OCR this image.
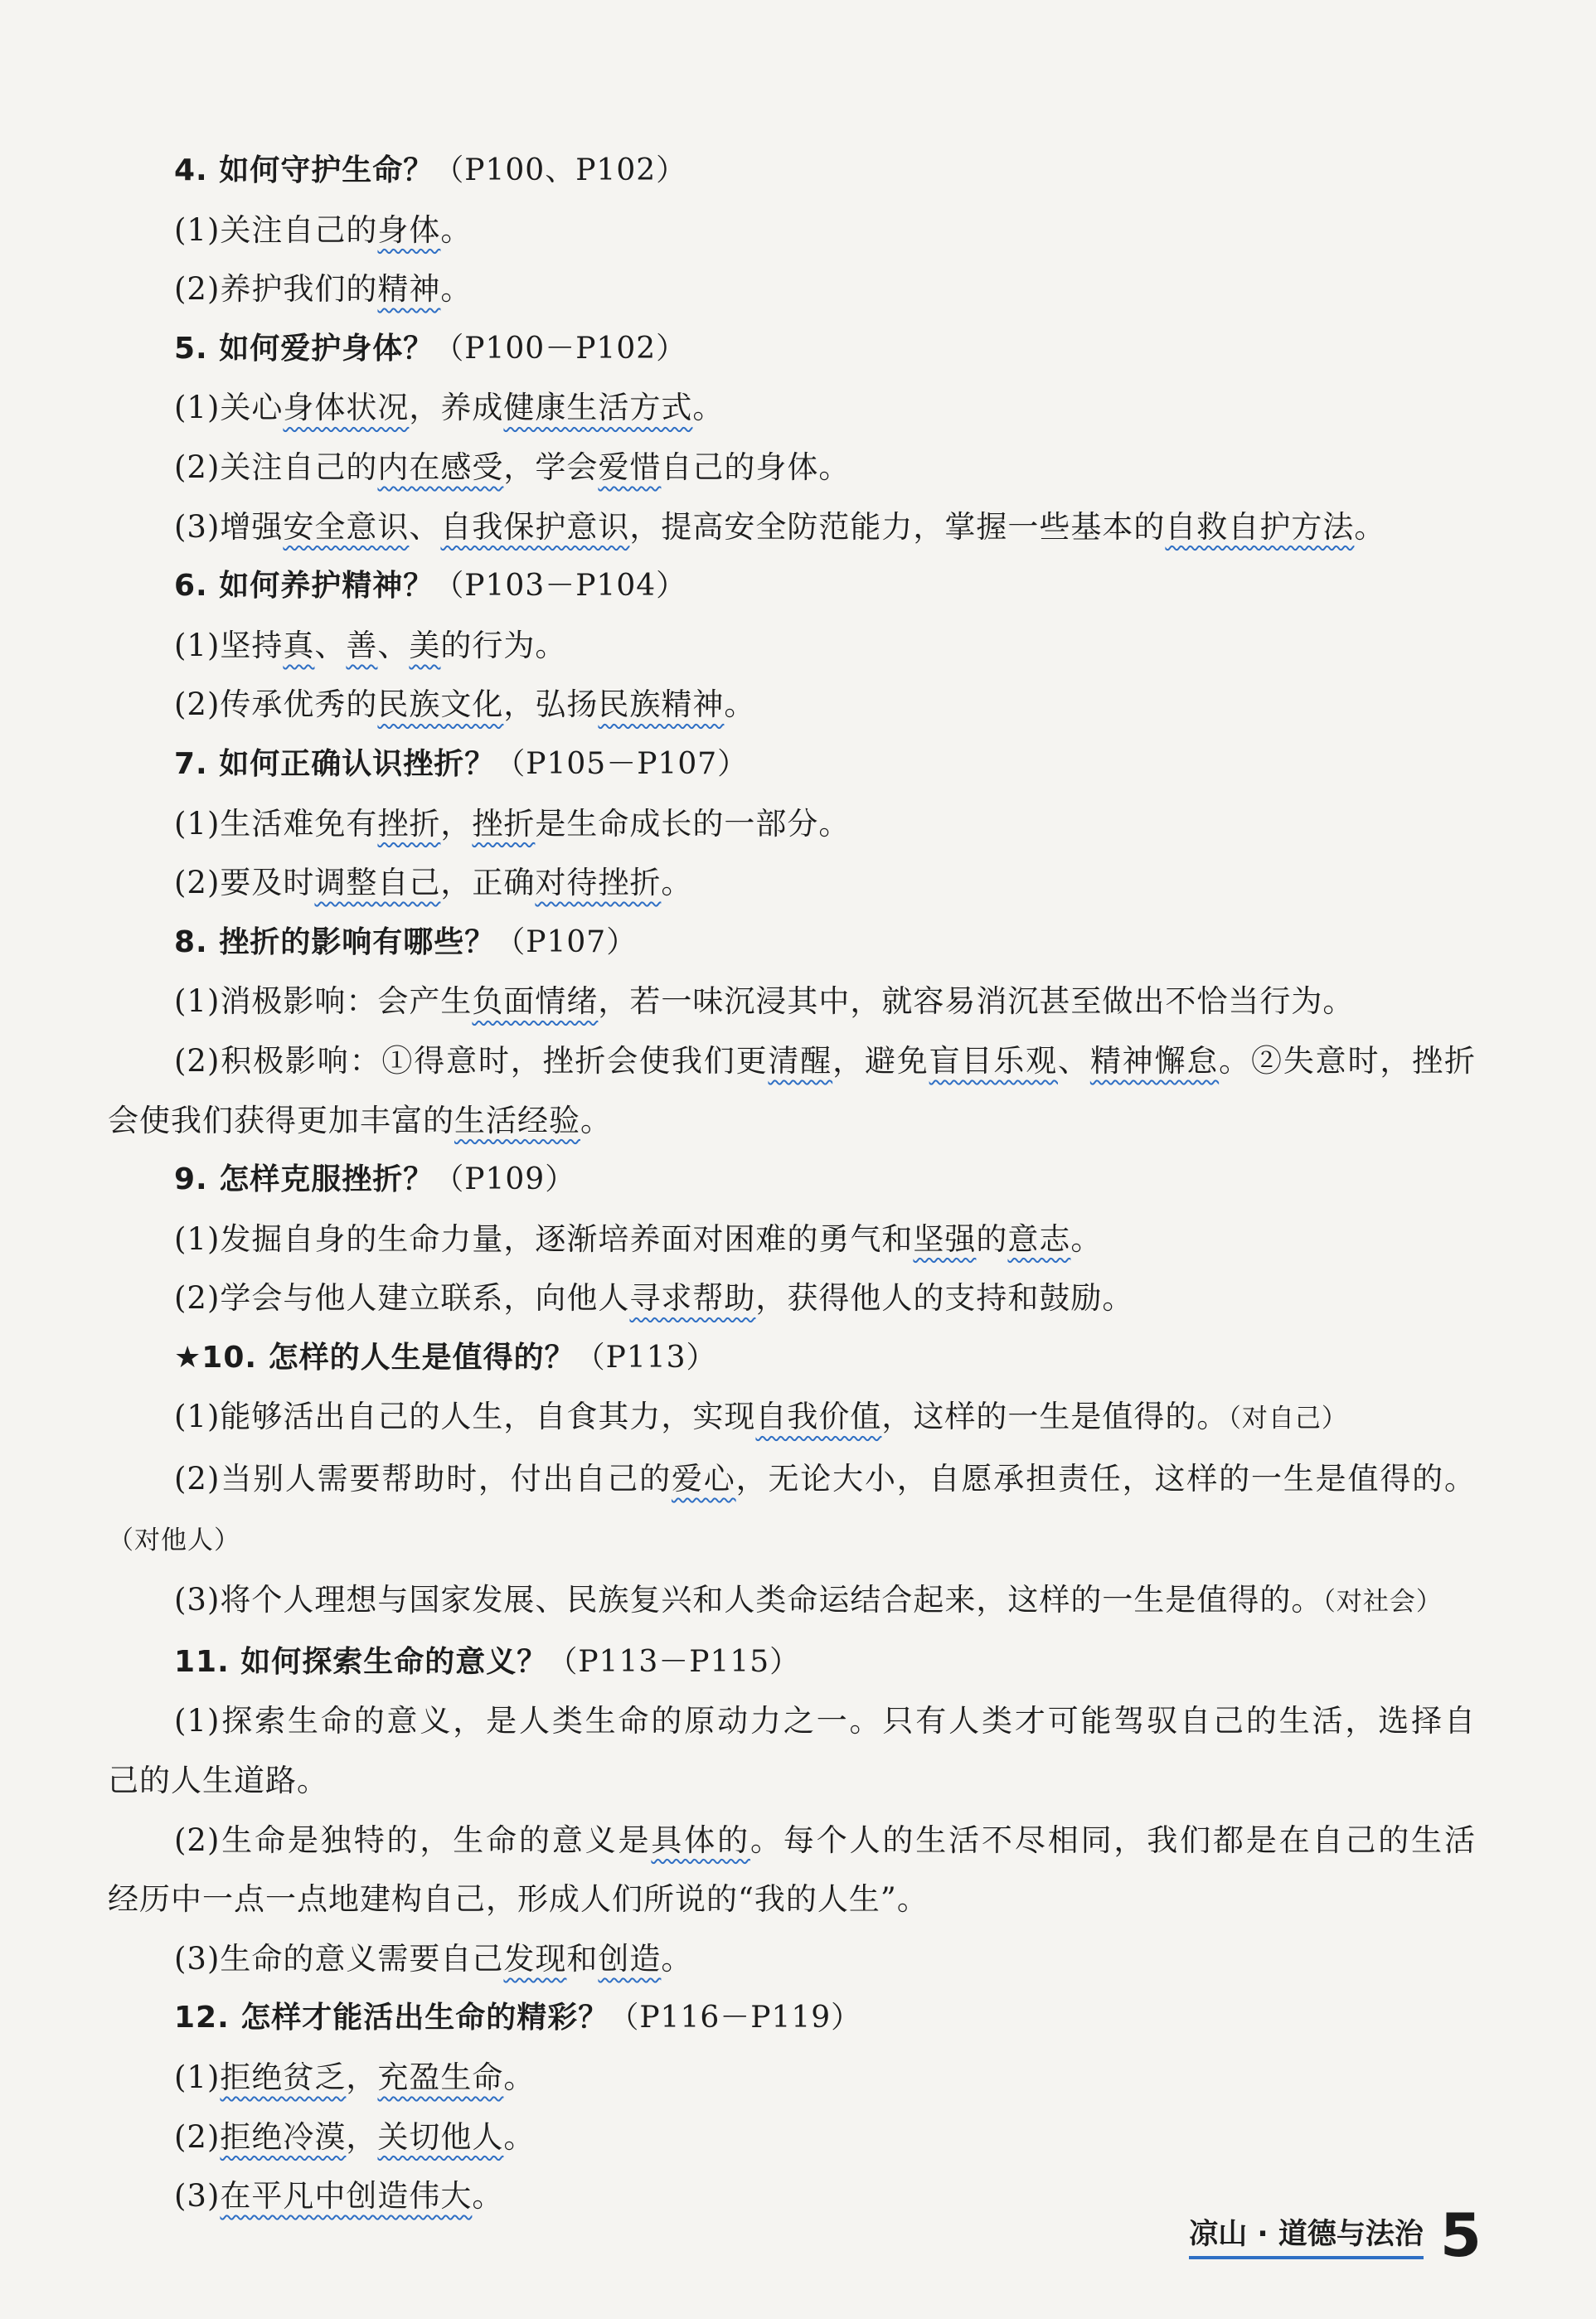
4. 如何守护生命？（P100、P102）
(1)关注自己的身体。
(2)养护我们的精神。
5. 如何爱护身体？（P100－P102）
(1)关心身体状况，养成健康生活方式。
(2)关注自己的内在感受，学会爱惜自己的身体。
(3)增强安全意识、自我保护意识，提高安全防范能力，掌握一些基本的自救自护方法。
6. 如何养护精神？（P103－P104）
(1)坚持真、善、美的行为。
(2)传承优秀的民族文化，弘扬民族精神。
7. 如何正确认识挫折？（P105－P107）
(1)生活难免有挫折，挫折是生命成长的一部分。
(2)要及时调整自己，正确对待挫折。
8. 挫折的影响有哪些？（P107）
(1)消极影响：会产生负面情绪，若一味沉浸其中，就容易消沉甚至做出不恰当行为。
(2)积极影响：①得意时，挫折会使我们更清醒，避免盲目乐观、精神懈怠。②失意时，挫折
会使我们获得更加丰富的生活经验。
9. 怎样克服挫折？（P109）
(1)发掘自身的生命力量，逐渐培养面对困难的勇气和坚强的意志。
(2)学会与他人建立联系，向他人寻求帮助，获得他人的支持和鼓励。
★10. 怎样的人生是值得的？（P113）
(1)能够活出自己的人生，自食其力，实现自我价值，这样的一生是值得的。（对自己）
(2)当别人需要帮助时，付出自己的爱心，无论大小，自愿承担责任，这样的一生是值得的。
（对他人）
(3)将个人理想与国家发展、民族复兴和人类命运结合起来，这样的一生是值得的。（对社会）
11. 如何探索生命的意义？（P113－P115）
(1)探索生命的意义，是人类生命的原动力之一。只有人类才可能驾驭自己的生活，选择自
己的人生道路。
(2)生命是独特的，生命的意义是具体的。每个人的生活不尽相同，我们都是在自己的生活
经历中一点一点地建构自己，形成人们所说的“我的人生”。
(3)生命的意义需要自己发现和创造。
12. 怎样才能活出生命的精彩？（P116－P119）
(1)拒绝贫乏，充盈生命。
(2)拒绝冷漠，关切他人。
(3)在平凡中创造伟大。
凉山 · 道德与法治 5
